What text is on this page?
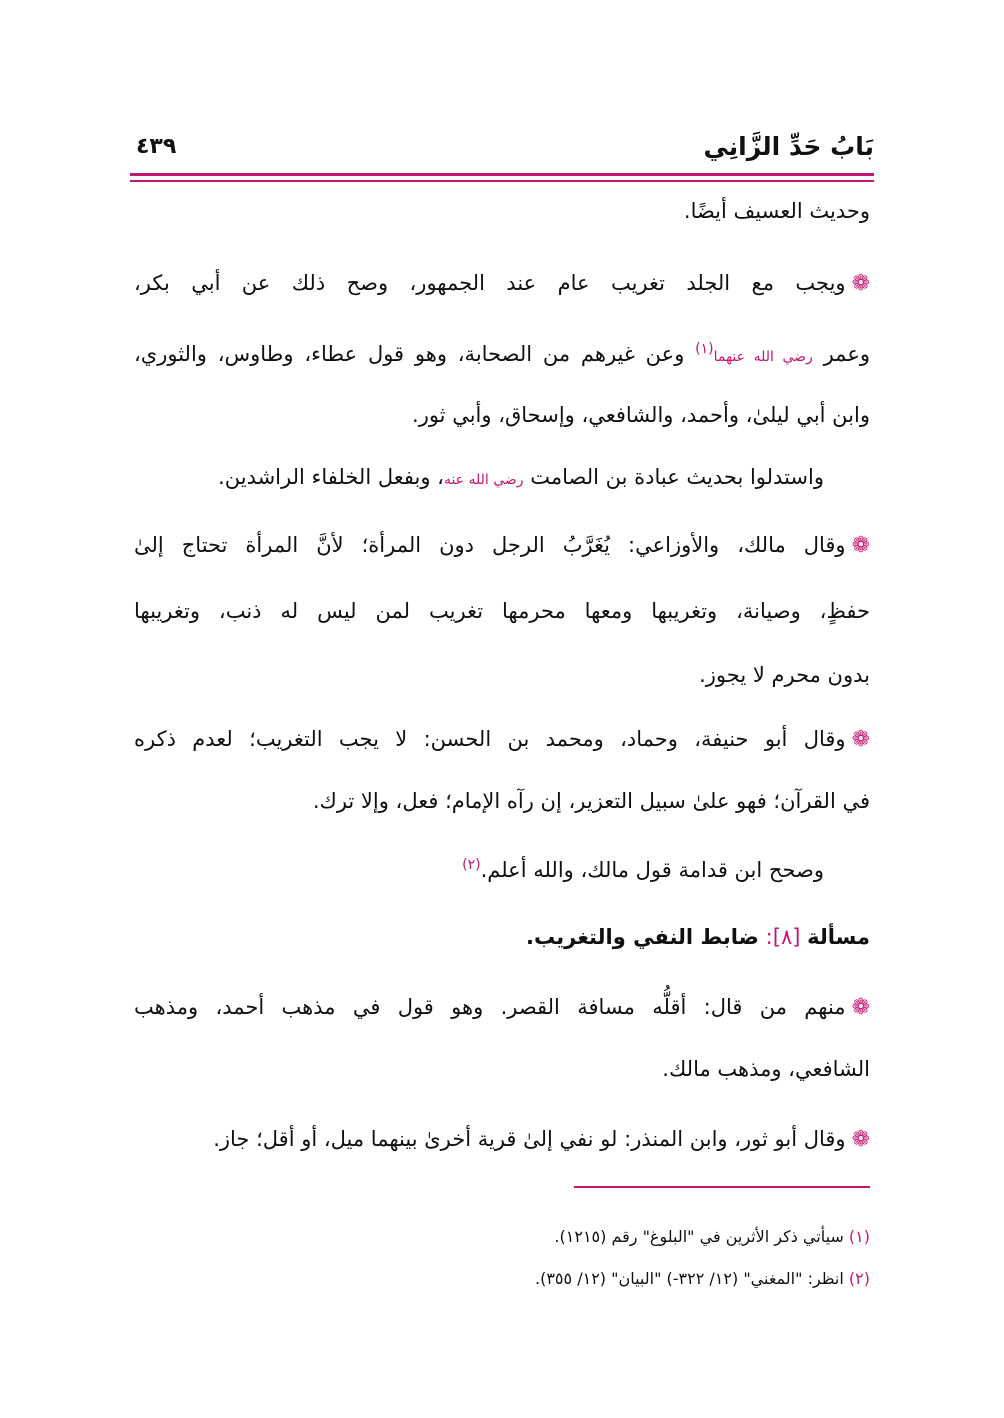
بَابُ حَدِّ الزَّانِي
٤٣٩
وحديث العسيف أيضًا.
❁ويجب مع الجلد تغريب عام عند الجمهور، وصح ذلك عن أبي بكر،
وعمر رضي الله عنهما$^{(١)}$ وعن غيرهم من الصحابة، وهو قول عطاء، وطاوس، والثوري،
وابن أبي ليلىٰ، وأحمد، والشافعي، وإسحاق، وأبي ثور.
واستدلوا بحديث عبادة بن الصامت رضي الله عنه، وبفعل الخلفاء الراشدين.
❁وقال مالك، والأوزاعي: يُغَرَّبُ الرجل دون المرأة؛ لأنَّ المرأة تحتاج إلىٰ
حفظٍ، وصيانة، وتغريبها ومعها محرمها تغريب لمن ليس له ذنب، وتغريبها
بدون محرم لا يجوز.
❁وقال أبو حنيفة، وحماد، ومحمد بن الحسن: لا يجب التغريب؛ لعدم ذكره
في القرآن؛ فهو علىٰ سبيل التعزير، إن رآه الإمام؛ فعل، وإلا ترك.
وصحح ابن قدامة قول مالك، والله أعلم.$^{(٢)}$
مسألة [٨]: ضابط النفي والتغريب.
❁منهم من قال: أقلُّه مسافة القصر. وهو قول في مذهب أحمد، ومذهب
الشافعي، ومذهب مالك.
❁وقال أبو ثور، وابن المنذر: لو نفي إلىٰ قرية أخرىٰ بينهما ميل، أو أقل؛ جاز.
(١) سيأتي ذكر الأثرين في "البلوغ" رقم (١٢١٥).
(٢) انظر: "المغني" (١٢/ ٣٢٢-) "البيان" (١٢/ ٣٥٥).
